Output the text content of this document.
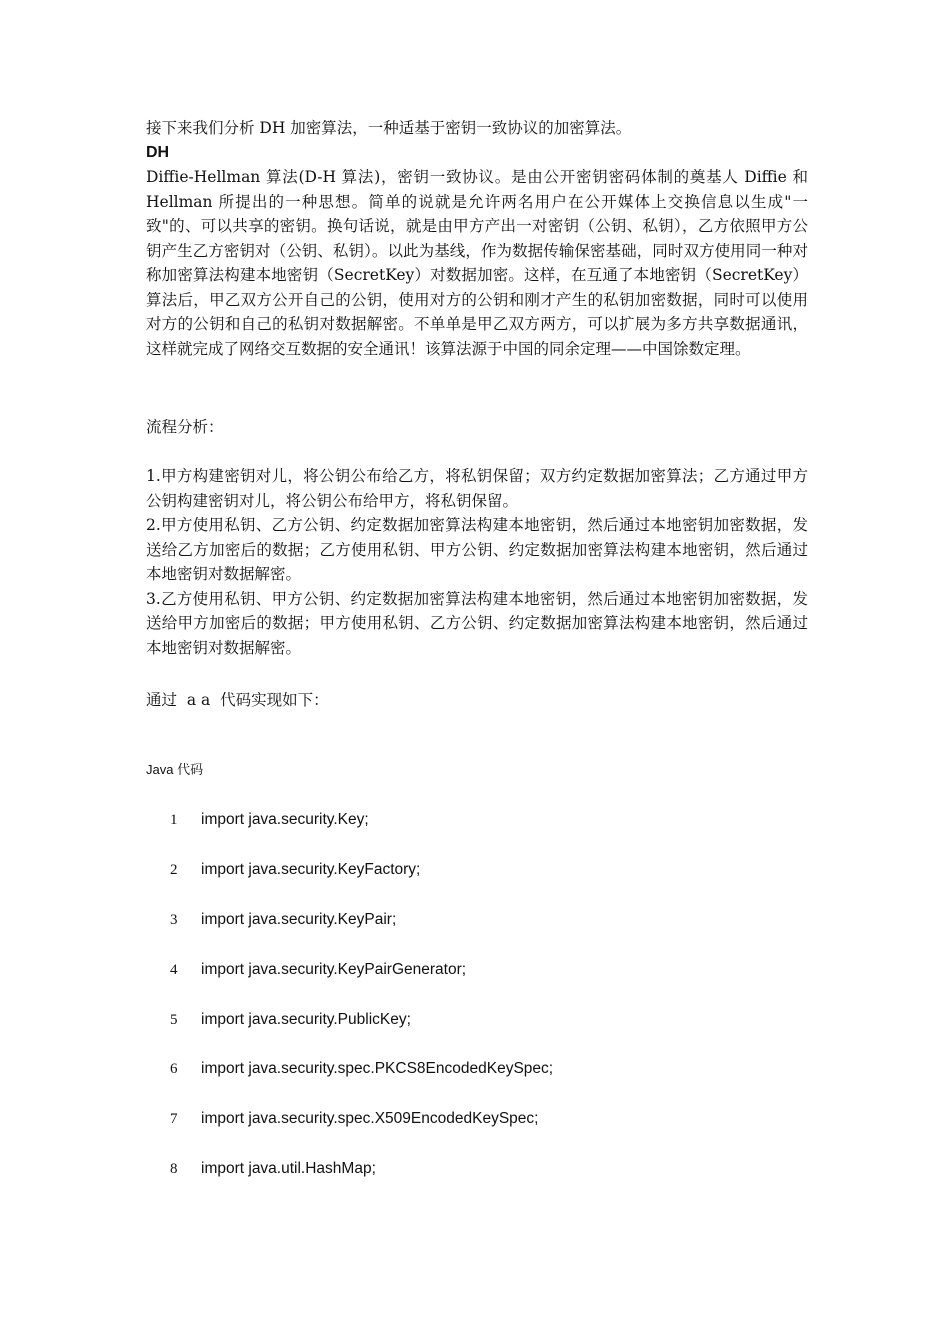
接下来我们分析 DH 加密算法，一种适基于密钥一致协议的加密算法。

DH

Diffie-Hellman 算法(D-H 算法)，密钥一致协议。是由公开密钥密码体制的奠基人 Diffie 和 Hellman 所提出的一种思想。简单的说就是允许两名用户在公开媒体上交换信息以生成"一致"的、可以共享的密钥。换句话说，就是由甲方产出一对密钥（公钥、私钥），乙方依照甲方公钥产生乙方密钥对（公钥、私钥）。以此为基线，作为数据传输保密基础，同时双方使用同一种对称加密算法构建本地密钥（SecretKey）对数据加密。这样，在互通了本地密钥（SecretKey）算法后，甲乙双方公开自己的公钥，使用对方的公钥和刚才产生的私钥加密数据，同时可以使用对方的公钥和自己的私钥对数据解密。不单单是甲乙双方两方，可以扩展为多方共享数据通讯，这样就完成了网络交互数据的安全通讯！该算法源于中国的同余定理——中国馀数定理。

流程分析：

1.甲方构建密钥对儿，将公钥公布给乙方，将私钥保留；双方约定数据加密算法；乙方通过甲方公钥构建密钥对儿，将公钥公布给甲方，将私钥保留。

2.甲方使用私钥、乙方公钥、约定数据加密算法构建本地密钥，然后通过本地密钥加密数据，发送给乙方加密后的数据；乙方使用私钥、甲方公钥、约定数据加密算法构建本地密钥，然后通过本地密钥对数据解密。

3.乙方使用私钥、甲方公钥、约定数据加密算法构建本地密钥，然后通过本地密钥加密数据，发送给甲方加密后的数据；甲方使用私钥、乙方公钥、约定数据加密算法构建本地密钥，然后通过本地密钥对数据解密。

通过  a a  代码实现如下：

Java 代码
1	import java.security.Key;
2	import java.security.KeyFactory;
3	import java.security.KeyPair;
4	import java.security.KeyPairGenerator;
5	import java.security.PublicKey;
6	import java.security.spec.PKCS8EncodedKeySpec;
7	import java.security.spec.X509EncodedKeySpec;
8	import java.util.HashMap;
